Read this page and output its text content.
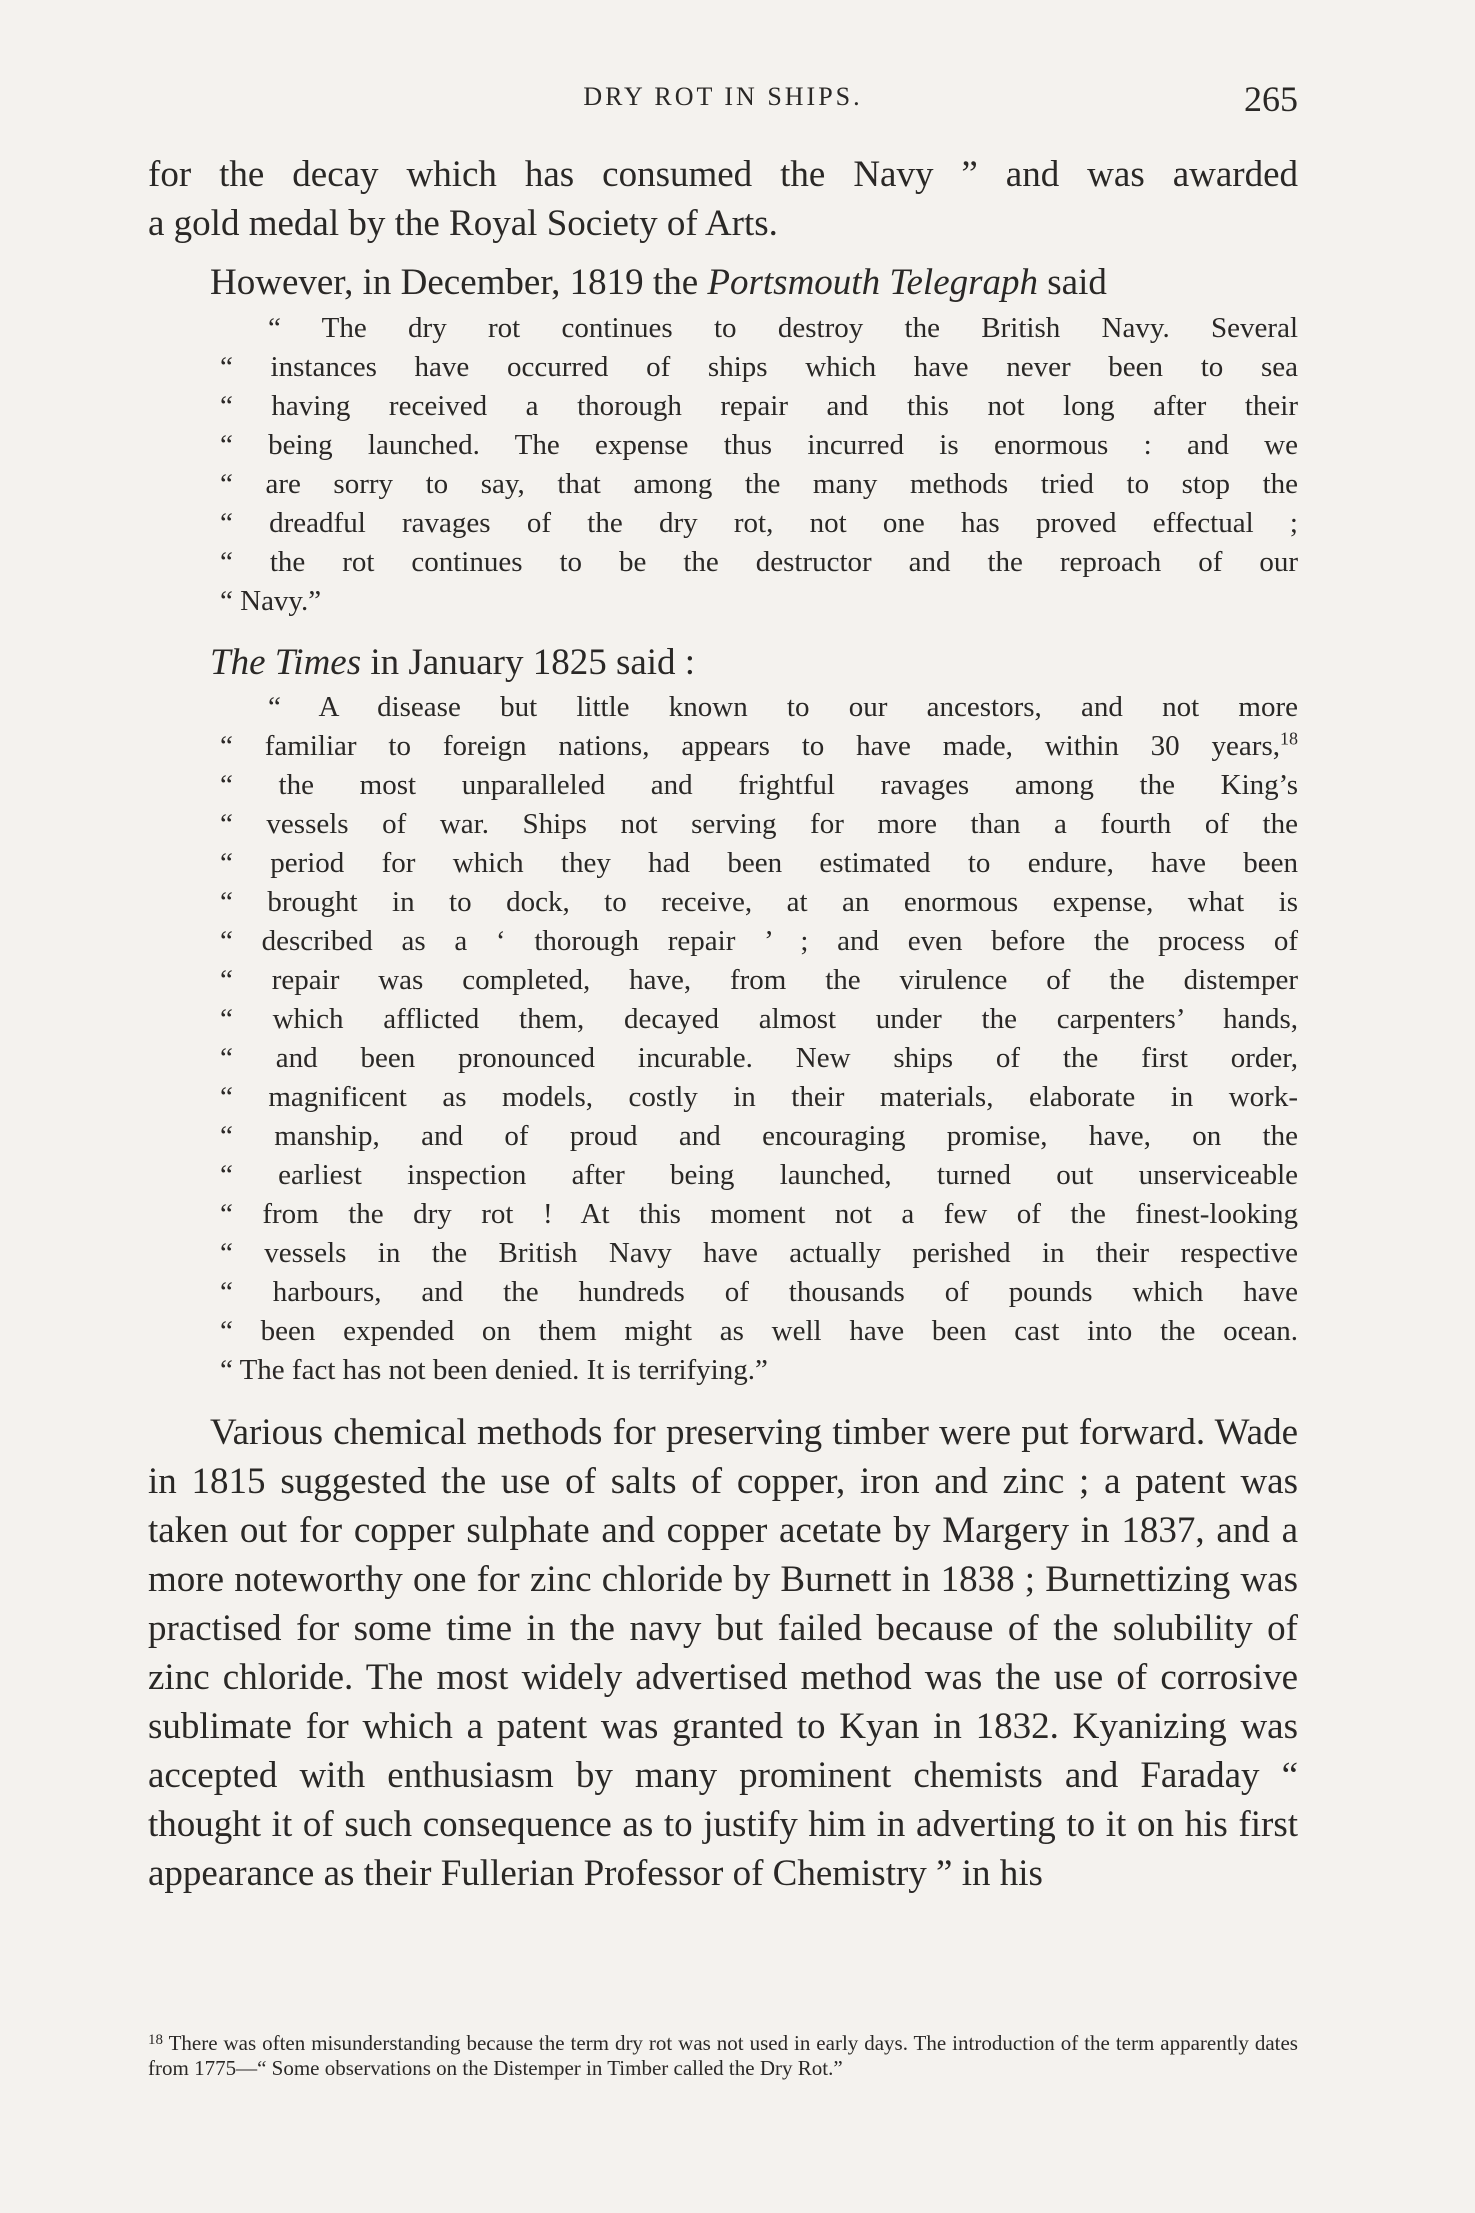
DRY ROT IN SHIPS.	265

for the decay which has consumed the Navy ” and was awarded
a gold medal by the Royal Society of Arts.

However, in December, 1819 the Portsmouth Telegraph said

“ The dry rot continues to destroy the British Navy. Several
“ instances have occurred of ships which have never been to sea
“ having received a thorough repair and this not long after their
“ being launched. The expense thus incurred is enormous : and we
“ are sorry to say, that among the many methods tried to stop the
“ dreadful ravages of the dry rot, not one has proved effectual ;
“ the rot continues to be the destructor and the reproach of our
“ Navy.”

The Times in January 1825 said :

“ A disease but little known to our ancestors, and not more
“ familiar to foreign nations, appears to have made, within 30 years,$^{18}$
“ the most unparalleled and frightful ravages among the King’s
“ vessels of war. Ships not serving for more than a fourth of the
“ period for which they had been estimated to endure, have been
“ brought in to dock, to receive, at an enormous expense, what is
“ described as a ‘ thorough repair ’ ; and even before the process of
“ repair was completed, have, from the virulence of the distemper
“ which afflicted them, decayed almost under the carpenters’ hands,
“ and been pronounced incurable. New ships of the first order,
“ magnificent as models, costly in their materials, elaborate in work-
“ manship, and of proud and encouraging promise, have, on the
“ earliest inspection after being launched, turned out unserviceable
“ from the dry rot ! At this moment not a few of the finest-looking
“ vessels in the British Navy have actually perished in their respective
“ harbours, and the hundreds of thousands of pounds which have
“ been expended on them might as well have been cast into the ocean.
“ The fact has not been denied. It is terrifying.”

Various chemical methods for preserving timber were put forward. Wade in 1815 suggested the use of salts of copper, iron and zinc ; a patent was taken out for copper sulphate and copper acetate by Margery in 1837, and a more noteworthy one for zinc chloride by Burnett in 1838 ; Burnettizing was practised for some time in the navy but failed because of the solubility of zinc chloride. The most widely advertised method was the use of corrosive sublimate for which a patent was granted to Kyan in 1832. Kyanizing was accepted with enthusiasm by many prominent chemists and Faraday “ thought it of such consequence as to justify him in adverting to it on his first appearance as their Fullerian Professor of Chemistry ” in his

$^{18}$ There was often misunderstanding because the term dry rot was not used in early days. The introduction of the term apparently dates from 1775—“ Some observations on the Distemper in Timber called the Dry Rot.”
